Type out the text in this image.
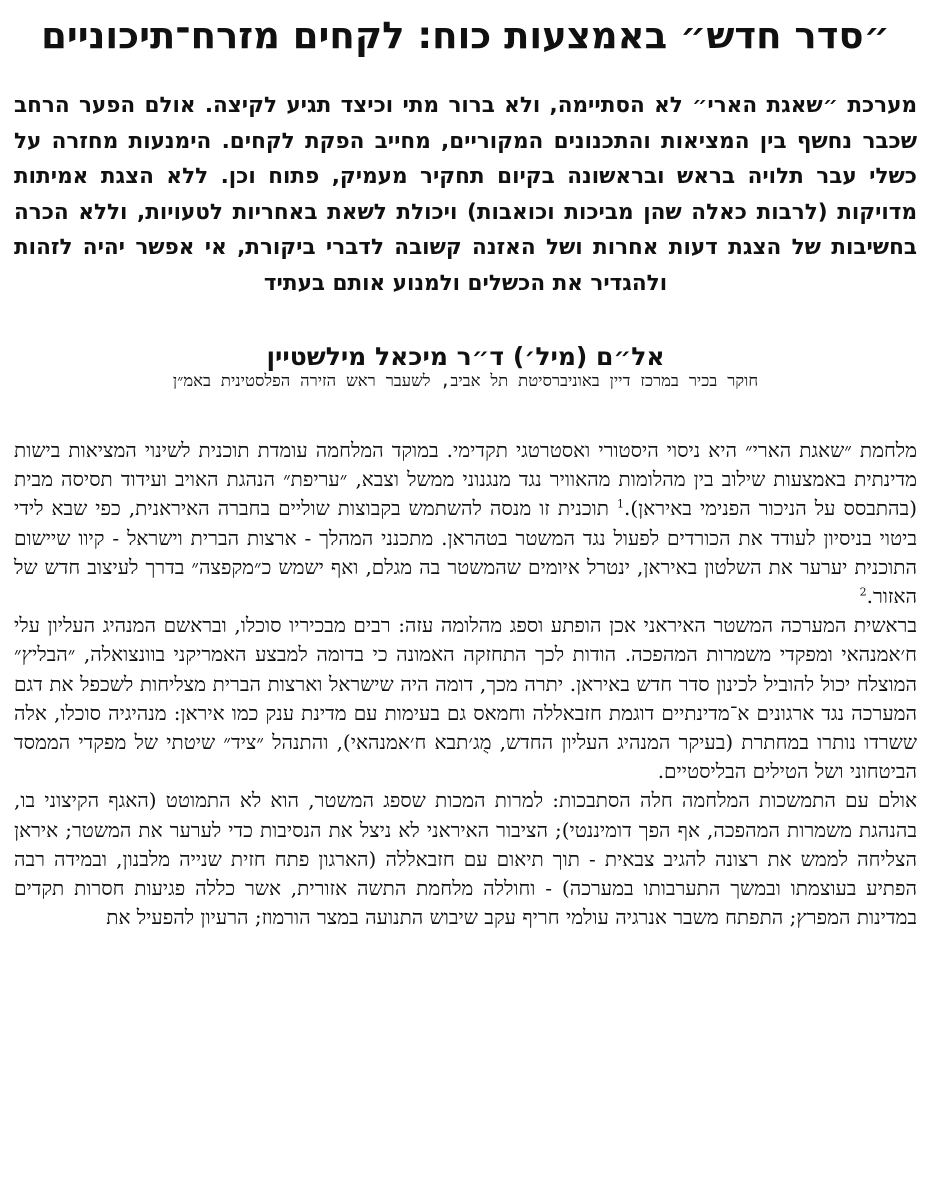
״סדר חדש״ באמצעות כוח: לקחים מזרח־תיכוניים
מערכת ״שאגת הארי״ לא הסתיימה, ולא ברור מתי וכיצד תגיע לקיצה. אולם הפער הרחב שכבר נחשף בין המציאות והתכנונים המקוריים, מחייב הפקת לקחים. הימנעות מחזרה על כשלי עבר תלויה בראש ובראשונה בקיום תחקיר מעמיק, פתוח וכן. ללא הצגת אמיתות מדויקות (לרבות כאלה שהן מביכות וכואבות) ויכולת לשאת באחריות לטעויות, וללא הכרה בחשיבות של הצגת דעות אחרות ושל האזנה קשובה לדברי ביקורת, אי אפשר יהיה לזהות ולהגדיר את הכשלים ולמנוע אותם בעתיד
אל״ם (מיל׳) ד״ר מיכאל מילשטיין
חוקר בכיר במרכז דיין באוניברסיטת תל אביב, לשעבר ראש הזירה הפלסטינית באמ״ן

מלחמת ״שאגת הארי״ היא ניסוי היסטורי ואסטרטגי תקדימי. במוקד המלחמה עומדת תוכנית לשינוי המציאות בישות מדינתית באמצעות שילוב בין מהלומות מהאוויר נגד מנגנוני ממשל וצבא, ״עריפת״ הנהגת האויב ועידוד תסיסה מבית (בהתבסס על הניכור הפנימי באיראן).$^1$ תוכנית זו מנסה להשתמש בקבוצות שוליים בחברה האיראנית, כפי שבא לידי ביטוי בניסיון לעודד את הכורדים לפעול נגד המשטר בטהראן. מתכנני המהלך - ארצות הברית וישראל - קיוו שיישום התוכנית יערער את השלטון באיראן, ינטרל איומים שהמשטר בה מגלם, ואף ישמש כ״מקפצה״ בדרך לעיצוב חדש של האזור.$^2$

בראשית המערכה המשטר האיראני אכן הופתע וספג מהלומה עזה: רבים מבכיריו סוכלו, ובראשם המנהיג העליון עלי ח׳אמנהאי ומפקדי משמרות המהפכה. הודות לכך התחזקה האמונה כי בדומה למבצע האמריקני בוונצואלה, ״הבליץ״ המוצלח יכול להוביל לכינון סדר חדש באיראן. יתרה מכך, דומה היה שישראל וארצות הברית מצליחות לשכפל את דגם המערכה נגד ארגונים א־מדינתיים דוגמת חזבאללה וחמאס גם בעימות עם מדינת ענק כמו איראן: מנהיגיה סוכלו, אלה ששרדו נותרו במחתרת (בעיקר המנהיג העליון החדש, מֻג׳תבא ח׳אמנהאי), והתנהל ״ציד״ שיטתי של מפקדי הממסד הביטחוני ושל הטילים הבליסטיים.

אולם עם התמשכות המלחמה חלה הסתבכות: למרות המכות שספג המשטר, הוא לא התמוטט (האגף הקיצוני בו, בהנהגת משמרות המהפכה, אף הפך דומיננטי); הציבור האיראני לא ניצל את הנסיבות כדי לערער את המשטר; איראן הצליחה לממש את רצונה להגיב צבאית - תוך תיאום עם חזבאללה (הארגון פתח חזית שנייה מלבנון, ובמידה רבה הפתיע בעוצמתו ובמשך התערבותו במערכה) - וחוללה מלחמת התשה אזורית, אשר כללה פגיעות חסרות תקדים במדינות המפרץ; התפתח משבר אנרגיה עולמי חריף עקב שיבוש התנועה במצר הורמוז; הרעיון להפעיל את
